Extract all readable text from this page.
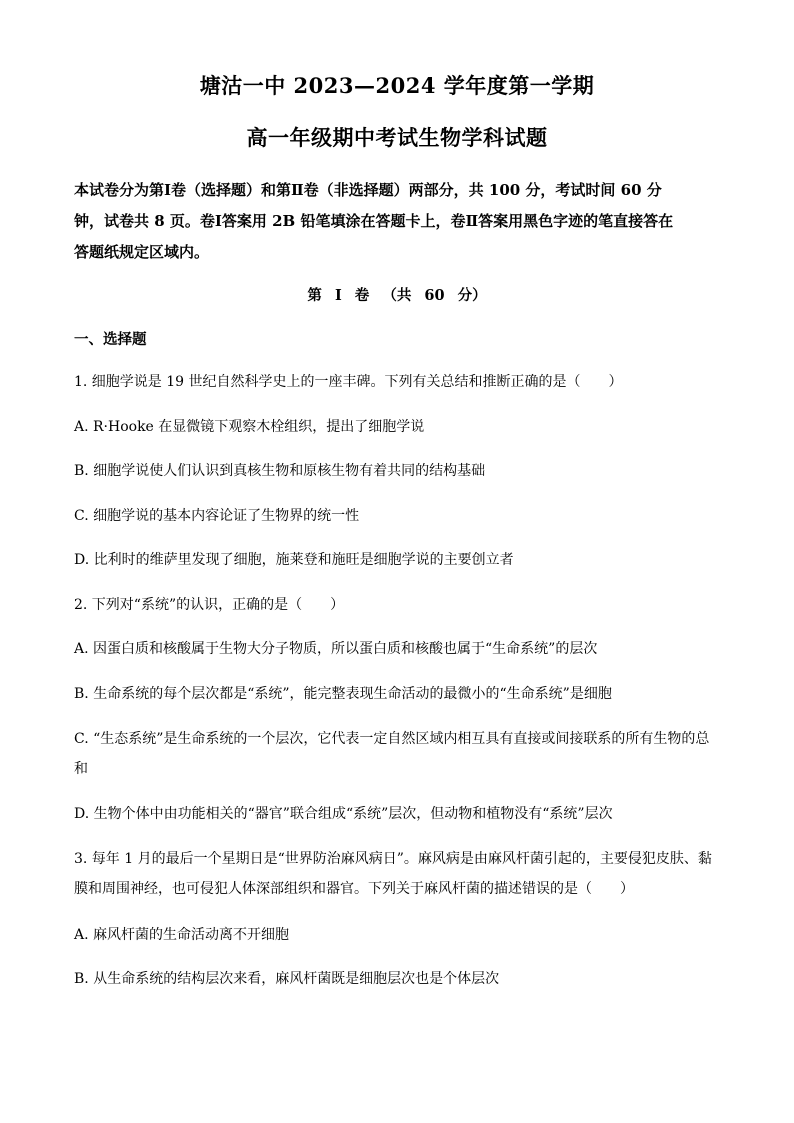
塘沽一中 2023—2024 学年度第一学期
高一年级期中考试生物学科试题
本试卷分为第Ⅰ卷（选择题）和第Ⅱ卷（非选择题）两部分，共 100 分，考试时间 60 分
钟，试卷共 8 页。卷Ⅰ答案用 2B 铅笔填涂在答题卡上，卷Ⅱ答案用黑色字迹的笔直接答在
答题纸规定区域内。
第 Ⅰ 卷 （共 60 分）
一、选择题
1. 细胞学说是 19 世纪自然科学史上的一座丰碑。下列有关总结和推断正确的是（　　）
A. R·Hooke 在显微镜下观察木栓组织，提出了细胞学说
B. 细胞学说使人们认识到真核生物和原核生物有着共同的结构基础
C. 细胞学说的基本内容论证了生物界的统一性
D. 比利时的维萨里发现了细胞，施莱登和施旺是细胞学说的主要创立者
2. 下列对“系统”的认识，正确的是（　　）
A. 因蛋白质和核酸属于生物大分子物质，所以蛋白质和核酸也属于“生命系统”的层次
B. 生命系统的每个层次都是“系统”，能完整表现生命活动的最微小的“生命系统”是细胞
C. “生态系统”是生命系统的一个层次，它代表一定自然区域内相互具有直接或间接联系的所有生物的总
和
D. 生物个体中由功能相关的“器官”联合组成“系统”层次，但动物和植物没有“系统”层次
3. 每年 1 月的最后一个星期日是“世界防治麻风病日”。麻风病是由麻风杆菌引起的，主要侵犯皮肤、黏
膜和周围神经，也可侵犯人体深部组织和器官。下列关于麻风杆菌的描述错误的是（　　）
A. 麻风杆菌的生命活动离不开细胞
B. 从生命系统的结构层次来看，麻风杆菌既是细胞层次也是个体层次
